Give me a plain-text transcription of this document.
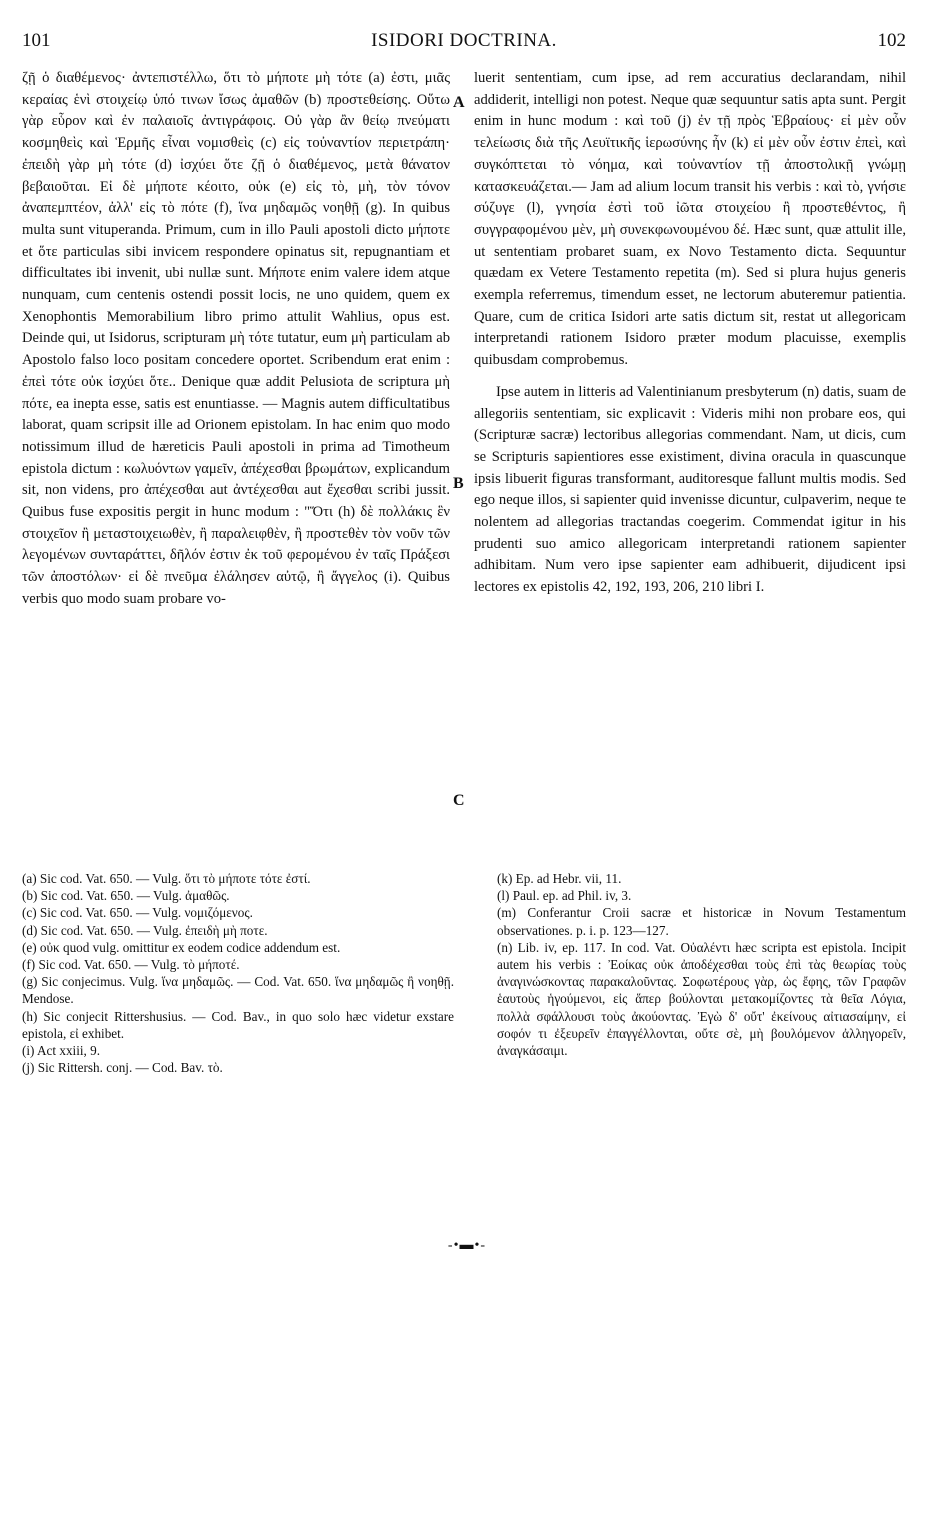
101	ISIDORI DOCTRINA.	102

ζῇ ὁ διαθέμενος· ἀντεπιστέλλω, ὅτι τὸ μήποτε μὴ τότε (a) ἐστι, μιᾶς κεραίας ἑνὶ στοιχείῳ ὑπό τινων ἴσως ἀμαθῶν (b) προστεθείσης. Οὕτω γὰρ εὗρον καὶ ἐν παλαιοῖς ἀντιγράφοις. Οὐ γὰρ ἂν θείῳ πνεύματι κοσμηθεὶς καὶ Ἑρμῆς εἶναι νομισθεὶς (c) εἰς τοὐναντίον περιετράπη· ἐπειδὴ γὰρ μὴ τότε (d) ἰσχύει ὅτε ζῇ ὁ διαθέμενος, μετὰ θάνατον βεβαιοῦται. Εἰ δὲ μήποτε κέοιτο, οὐκ (e) εἰς τὸ, μὴ, τὸν τόνον ἀναπεμπτέον, ἀλλ' εἰς τὸ πότε (f), ἵνα μηδαμῶς νοηθῇ (g). In quibus multa sunt vituperanda. Primum, cum in illo Pauli apostoli dicto μήποτε et ὅτε particulas sibi invicem respondere opinatus sit, repugnantiam et difficultates ibi invenit, ubi nullæ sunt. Μήποτε enim valere idem atque nunquam, cum centenis ostendi possit locis, ne uno quidem, quem ex Xenophontis Memorabilium libro primo attulit Wahlius, opus est. Deinde qui, ut Isidorus, scripturam μὴ τότε tutatur, eum μὴ particulam ab Apostolo falso loco positam concedere oportet. Scribendum erat enim : ἐπεὶ τότε οὐκ ἰσχύει ὅτε.. Denique quæ addit Pelusiota de scriptura μὴ πότε, ea inepta esse, satis est enuntiasse. — Magnis autem difficultatibus laborat, quam scripsit ille ad Orionem epistolam. In hac enim quo modo notissimum illud de hæreticis Pauli apostoli in prima ad Timotheum epistola dictum : κωλυόντων γαμεῖν, ἀπέχεσθαι βρωμάτων, explicandum sit, non videns, pro ἀπέχεσθαι aut ἀντέχεσθαι aut ἔχεσθαι scribi jussit. Quibus fuse expositis pergit in hunc modum : "Ὅτι (h) δὲ πολλάκις ἓν στοιχεῖον ἢ μεταστοιχειωθὲν, ἢ παραλειφθὲν, ἢ προστεθὲν τὸν νοῦν τῶν λεγομένων συνταράττει, δῆλόν ἐστιν ἐκ τοῦ φερομένου ἐν ταῖς Πράξεσι τῶν ἀποστόλων· εἰ δὲ πνεῦμα ἐλάλησεν αὐτῷ, ἢ ἄγγελος (i). Quibus verbis quo modo suam probare vo-

A
B
C

luerit sententiam, cum ipse, ad rem accuratius declarandam, nihil addiderit, intelligi non potest. Neque quæ sequuntur satis apta sunt. Pergit enim in hunc modum : καὶ τοῦ (j) ἐν τῇ πρὸς Ἑβραίους· εἰ μὲν οὖν τελείωσις διὰ τῆς Λευϊτικῆς ἱερωσύνης ἦν (k) εἰ μὲν οὖν ἐστιν ἐπεὶ, καὶ συγκόπτεται τὸ νόημα, καὶ τοὐναντίον τῇ ἀποστολικῇ γνώμῃ κατασκευάζεται.— Jam ad alium locum transit his verbis : καὶ τὸ, γνήσιε σύζυγε (l), γνησία ἐστὶ τοῦ ἰῶτα στοιχείου ἢ προστεθέντος, ἢ συγγραφομένου μὲν, μὴ συνεκφωνουμένου δέ. Hæc sunt, quæ attulit ille, ut sententiam probaret suam, ex Novo Testamento dicta. Sequuntur quædam ex Vetere Testamento repetita (m). Sed si plura hujus generis exempla referremus, timendum esset, ne lectorum abuteremur patientia. Quare, cum de critica Isidori arte satis dictum sit, restat ut allegoricam interpretandi rationem Isidoro præter modum placuisse, exemplis quibusdam comprobemus.

Ipse autem in litteris ad Valentinianum presbyterum (n) datis, suam de allegoriis sententiam, sic explicavit : Videris mihi non probare eos, qui (Scripturæ sacræ) lectoribus allegorias commendant. Nam, ut dicis, cum se Scripturis sapientiores esse existiment, divina oracula in quascunque ipsis libuerit figuras transformant, auditoresque fallunt multis modis. Sed ego neque illos, si sapienter quid invenisse dicuntur, culpaverim, neque te nolentem ad allegorias tractandas coegerim. Commendat igitur in his prudenti suo amico allegoricam interpretandi rationem sapienter adhibitam. Num vero ipse sapienter eam adhibuerit, dijudicent ipsi lectores ex epistolis 42, 192, 193, 206, 210 libri I.

(a) Sic cod. Vat. 650. — Vulg. ὅτι τὸ μήποτε τότε ἐστί.

(b) Sic cod. Vat. 650. — Vulg. ἀμαθῶς.

(c) Sic cod. Vat. 650. — Vulg. νομιζόμενος.

(d) Sic cod. Vat. 650. — Vulg. ἐπειδὴ μὴ ποτε.

(e) οὐκ quod vulg. omittitur ex eodem codice addendum est.

(f) Sic cod. Vat. 650. — Vulg. τὸ μήποτέ.

(g) Sic conjecimus. Vulg. ἵνα μηδαμῶς. — Cod. Vat. 650. ἵνα μηδαμῶς ἢ νοηθῇ. Mendose.

(h) Sic conjecit Rittershusius. — Cod. Bav., in quo solo hæc videtur exstare epistola, εἰ exhibet.

(i) Act xxiii, 9.

(j) Sic Rittersh. conj. — Cod. Bav. τὸ.

(k) Ep. ad Hebr. vii, 11.

(l) Paul. ep. ad Phil. iv, 3.

(m) Conferantur Croii sacræ et historicæ in Novum Testamentum observationes. p. i. p. 123—127.

(n) Lib. iv, ep. 117. In cod. Vat. Οὐαλέντι hæc scripta est epistola. Incipit autem his verbis : Ἐοίκας οὐκ ἀποδέχεσθαι τοὺς ἐπὶ τὰς θεωρίας τοὺς ἀναγινώσκοντας παρακαλοῦντας. Σοφωτέρους γὰρ, ὡς ἔφης, τῶν Γραφῶν ἑαυτοὺς ἡγούμενοι, εἰς ἅπερ βούλονται μετακομίζοντες τὰ θεῖα Λόγια, πολλὰ σφάλλουσι τοὺς ἀκούοντας. Ἐγὼ δ' οὔτ' ἐκείνους αἰτιασαίμην, εἰ σοφόν τι ἐξευρεῖν ἐπαγγέλλονται, οὔτε σὲ, μὴ βουλόμενον ἀλληγορεῖν, ἀναγκάσαιμι.

-•▬•-
